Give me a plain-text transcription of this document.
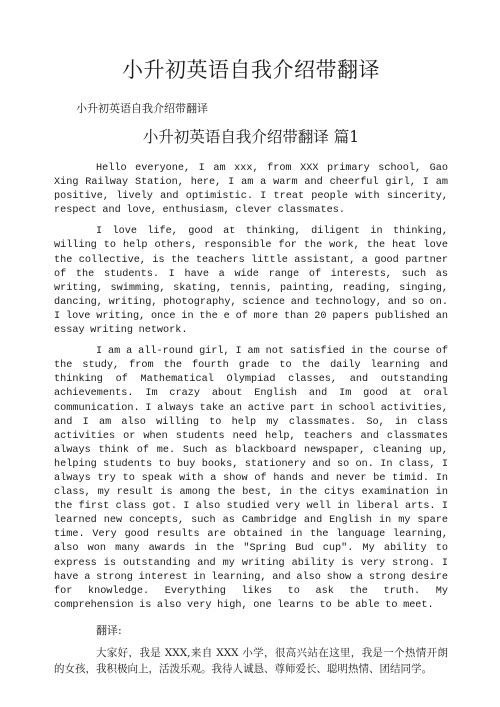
小升初英语自我介绍带翻译
小升初英语自我介绍带翻译
小升初英语自我介绍带翻译 篇1

Hello everyone, I am xxx, from XXX primary school, Gao Xing Railway Station, here, I am a warm and cheerful girl, I am positive, lively and optimistic. I treat people with sincerity, respect and love, enthusiasm, clever classmates.

I love life, good at thinking, diligent in thinking, willing to help others, responsible for the work, the heat love the collective, is the teachers little assistant, a good partner of the students. I have a wide range of interests, such as writing, swimming, skating, tennis, painting, reading, singing, dancing, writing, photography, science and technology, and so on. I love writing, once in the e of more than 20 papers published an essay writing network.

I am a all-round girl, I am not satisfied in the course of the study, from the fourth grade to the daily learning and thinking of Mathematical Olympiad classes, and outstanding achievements. Im crazy about English and Im good at oral communication. I always take an active part in school activities, and I am also willing to help my classmates. So, in class activities or when students need help, teachers and classmates always think of me. Such as blackboard newspaper, cleaning up, helping students to buy books, stationery and so on. In class, I always try to speak with a show of hands and never be timid. In class, my result is among the best, in the citys examination in the first class got. I also studied very well in liberal arts. I learned new concepts, such as Cambridge and English in my spare time. Very good results are obtained in the language learning, also won many awards in the "Spring Bud cup". My ability to express is outstanding and my writing ability is very strong. I have a strong interest in learning, and also show a strong desire for knowledge. Everything likes to ask the truth. My comprehension is also very high, one learns to be able to meet.

翻译:

大家好，我是 XXX,来自 XXX 小学，很高兴站在这里，我是一个热情开朗 的女孩，我积极向上，活泼乐观。我待人诚恳、尊师爱长、聪明热情、团结同学。
